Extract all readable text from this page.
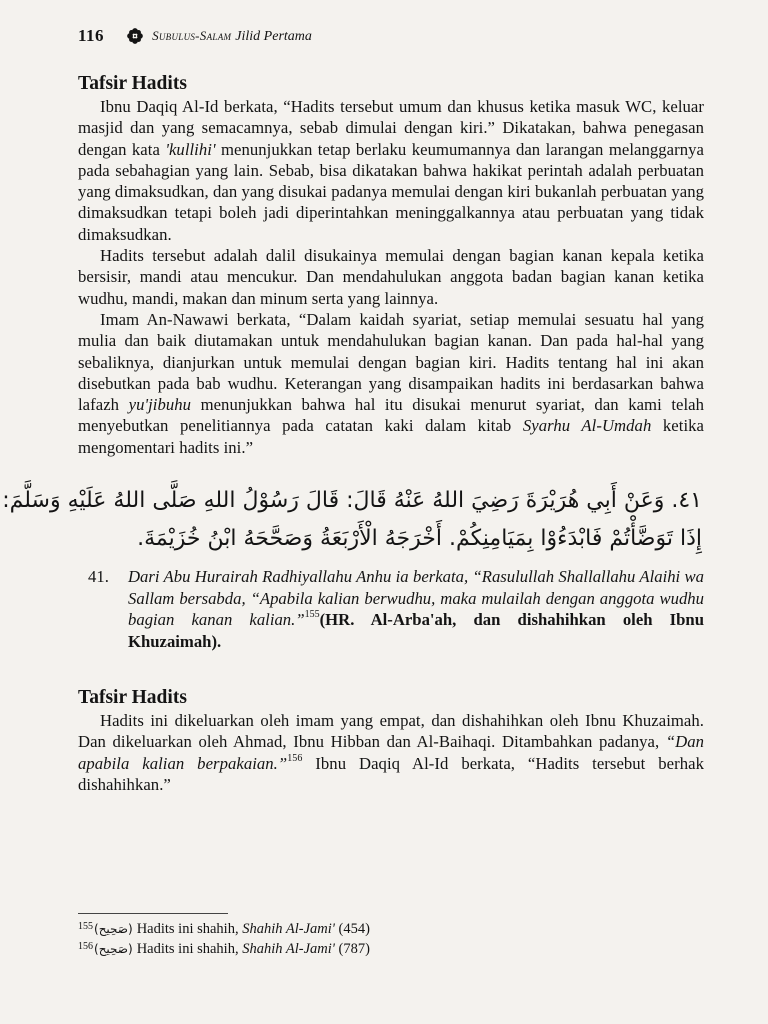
116	Subulus-Salam Jilid Pertama
Tafsir Hadits

Ibnu Daqiq Al-Id berkata, “Hadits tersebut umum dan khusus ketika masuk WC, keluar masjid dan yang semacamnya, sebab dimulai dengan kiri.” Dikatakan, bahwa penegasan dengan kata 'kullihi' menunjukkan tetap berlaku keumumannya dan larangan melanggarnya pada sebahagian yang lain. Sebab, bisa dikatakan bahwa hakikat perintah adalah perbuatan yang dimaksudkan, dan yang disukai padanya memulai dengan kiri bukanlah perbuatan yang dimaksudkan tetapi boleh jadi diperintahkan meninggalkannya atau perbuatan yang tidak dimaksudkan.

Hadits tersebut adalah dalil disukainya memulai dengan bagian kanan kepala ketika bersisir, mandi atau mencukur. Dan mendahulukan anggota badan bagian kanan ketika wudhu, mandi, makan dan minum serta yang lainnya.

Imam An-Nawawi berkata, “Dalam kaidah syariat, setiap memulai sesuatu hal yang mulia dan baik diutamakan untuk mendahulukan bagian kanan. Dan pada hal-hal yang sebaliknya, dianjurkan untuk memulai dengan bagian kiri. Hadits tentang hal ini akan disebutkan pada bab wudhu. Keterangan yang disampaikan hadits ini berdasarkan bahwa lafazh yu'jibuhu menunjukkan bahwa hal itu disukai menurut syariat, dan kami telah menyebutkan penelitiannya pada catatan kaki dalam kitab Syarhu Al-Umdah ketika mengomentari hadits ini.”

٤١. وَعَنْ أَبِي هُرَيْرَةَ رَضِيَ اللهُ عَنْهُ قَالَ: قَالَ رَسُوْلُ اللهِ صَلَّى اللهُ عَلَيْهِ وَسَلَّمَ:
إِذَا تَوَضَّأْتُمْ فَابْدَءُوْا بِمَيَامِنِكُمْ. أَخْرَجَهُ الْأَرْبَعَةُ وَصَحَّحَهُ ابْنُ خُزَيْمَةَ.
41.	Dari Abu Hurairah Radhiyallahu Anhu ia berkata, “Rasulullah Shallallahu Alaihi wa Sallam bersabda, “Apabila kalian berwudhu, maka mulailah dengan anggota wudhu bagian kanan kalian.”$^{155}$(HR. Al-Arba'ah, dan dishahihkan oleh Ibnu Khuzaimah).
Tafsir Hadits

Hadits ini dikeluarkan oleh imam yang empat, dan dishahihkan oleh Ibnu Khuzaimah. Dan dikeluarkan oleh Ahmad, Ibnu Hibban dan Al-Baihaqi. Ditambahkan padanya, “Dan apabila kalian berpakaian.”$^{156}$ Ibnu Daqiq Al-Id berkata, “Hadits tersebut berhak dishahihkan.”

155 (صَحِيح) Hadits ini shahih, Shahih Al-Jami' (454)
156 (صَحِيح) Hadits ini shahih, Shahih Al-Jami' (787)
